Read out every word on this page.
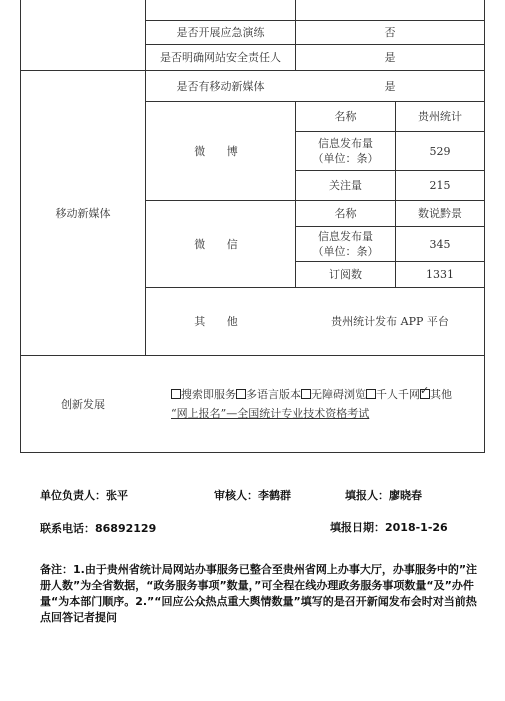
是否开展应急演练	否
是否明确网站安全责任人	是
移动新媒体
是否有移动新媒体	是
微 博
名称	贵州统计
信息发布量
（单位：条）
529
关注量	215
微 信
名称	数说黔景
信息发布量
（单位：条）
345
订阅数	1331
其 他	贵州统计发布 APP 平台
创新发展
搜索即服务 多语言版本 无障碍浏览 千人千网✓ 其他
“网上报名”—全国统计专业技术资格考试
单位负责人：张平	审核人：李鹤群	填报人：廖晓春
联系电话：86892129	填报日期：2018-1-26
备注：1.由于贵州省统计局网站办事服务已整合至贵州省网上办事大厅，办事服务中的”注册人数”为全省数据，“政务服务事项”数量，”可全程在线办理政务服务事项数量“及”办件量“为本部门顺序。2.”“回应公众热点重大舆情数量”填写的是召开新闻发布会时对当前热点回答记者提问
